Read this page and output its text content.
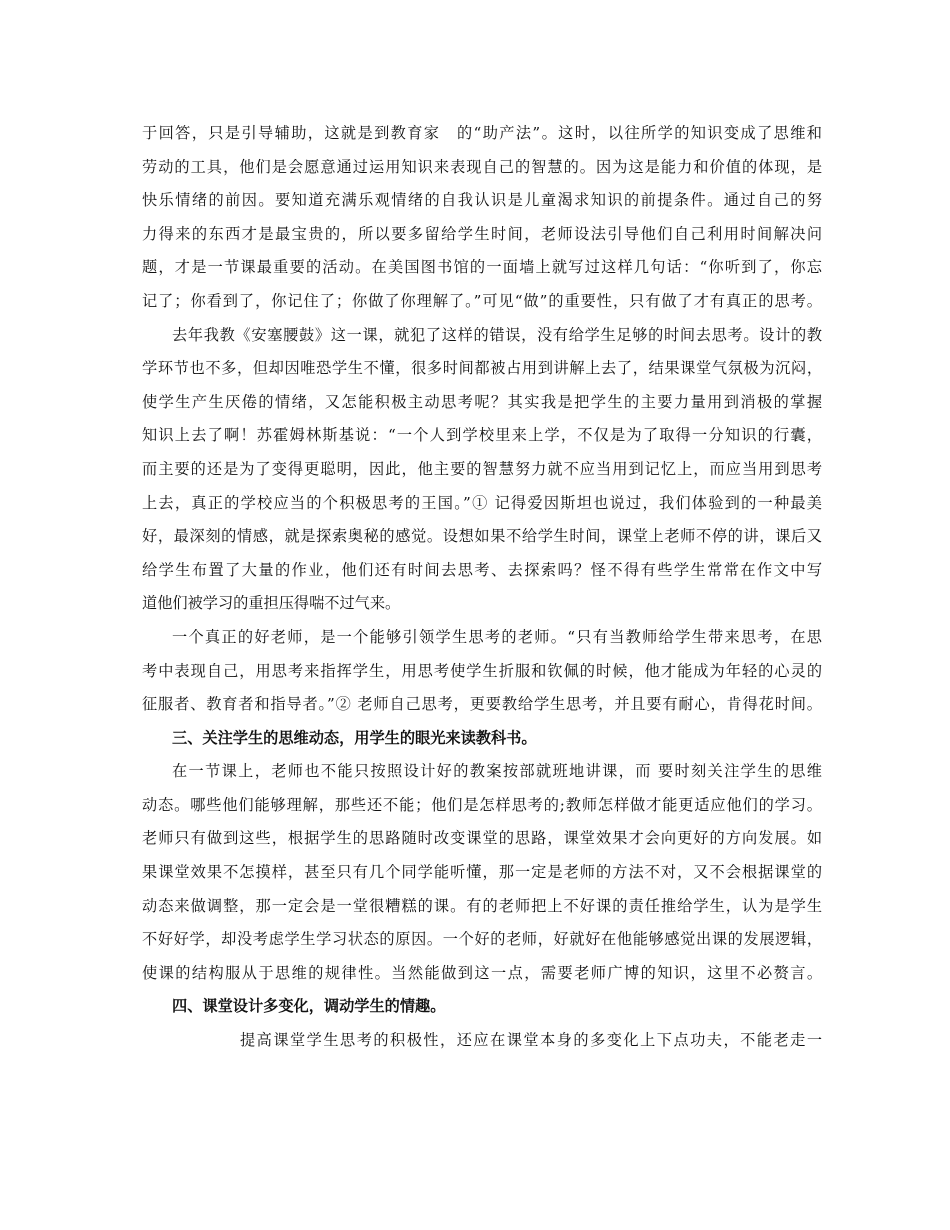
于回答，只是引导辅助，这就是到教育家　的“助产法”。这时，以往所学的知识变成了思维和
劳动的工具，他们是会愿意通过运用知识来表现自己的智慧的。因为这是能力和价值的体现，是
快乐情绪的前因。要知道充满乐观情绪的自我认识是儿童渴求知识的前提条件。通过自己的努
力得来的东西才是最宝贵的，所以要多留给学生时间，老师设法引导他们自己利用时间解决问
题，才是一节课最重要的活动。在美国图书馆的一面墙上就写过这样几句话：“你听到了，你忘
记了；你看到了，你记住了；你做了你理解了。”可见“做”的重要性，只有做了才有真正的思考。
去年我教《安塞腰鼓》这一课，就犯了这样的错误，没有给学生足够的时间去思考。设计的教
学环节也不多，但却因唯恐学生不懂，很多时间都被占用到讲解上去了，结果课堂气氛极为沉闷，
使学生产生厌倦的情绪，又怎能积极主动思考呢？其实我是把学生的主要力量用到消极的掌握
知识上去了啊！苏霍姆林斯基说：“一个人到学校里来上学，不仅是为了取得一分知识的行囊，
而主要的还是为了变得更聪明，因此，他主要的智慧努力就不应当用到记忆上，而应当用到思考
上去，真正的学校应当的个积极思考的王国。”① 记得爱因斯坦也说过，我们体验到的一种最美
好，最深刻的情感，就是探索奥秘的感觉。设想如果不给学生时间，课堂上老师不停的讲，课后又
给学生布置了大量的作业，他们还有时间去思考、去探索吗？怪不得有些学生常常在作文中写
道他们被学习的重担压得喘不过气来。
一个真正的好老师，是一个能够引领学生思考的老师。“只有当教师给学生带来思考，在思
考中表现自己，用思考来指挥学生，用思考使学生折服和钦佩的时候，他才能成为年轻的心灵的
征服者、教育者和指导者。”② 老师自己思考，更要教给学生思考，并且要有耐心，肯得花时间。
三、关注学生的思维动态，用学生的眼光来读教科书。
在一节课上，老师也不能只按照设计好的教案按部就班地讲课，而 要时刻关注学生的思维
动态。哪些他们能够理解，那些还不能；他们是怎样思考的;教师怎样做才能更适应他们的学习。
老师只有做到这些，根据学生的思路随时改变课堂的思路，课堂效果才会向更好的方向发展。如
果课堂效果不怎摸样，甚至只有几个同学能听懂，那一定是老师的方法不对，又不会根据课堂的
动态来做调整，那一定会是一堂很糟糕的课。有的老师把上不好课的责任推给学生，认为是学生
不好好学，却没考虑学生学习状态的原因。一个好的老师，好就好在他能够感觉出课的发展逻辑，
使课的结构服从于思维的规律性。当然能做到这一点，需要老师广博的知识，这里不必赘言。
四、课堂设计多变化，调动学生的情趣。
提高课堂学生思考的积极性，还应在课堂本身的多变化上下点功夫，不能老走一
